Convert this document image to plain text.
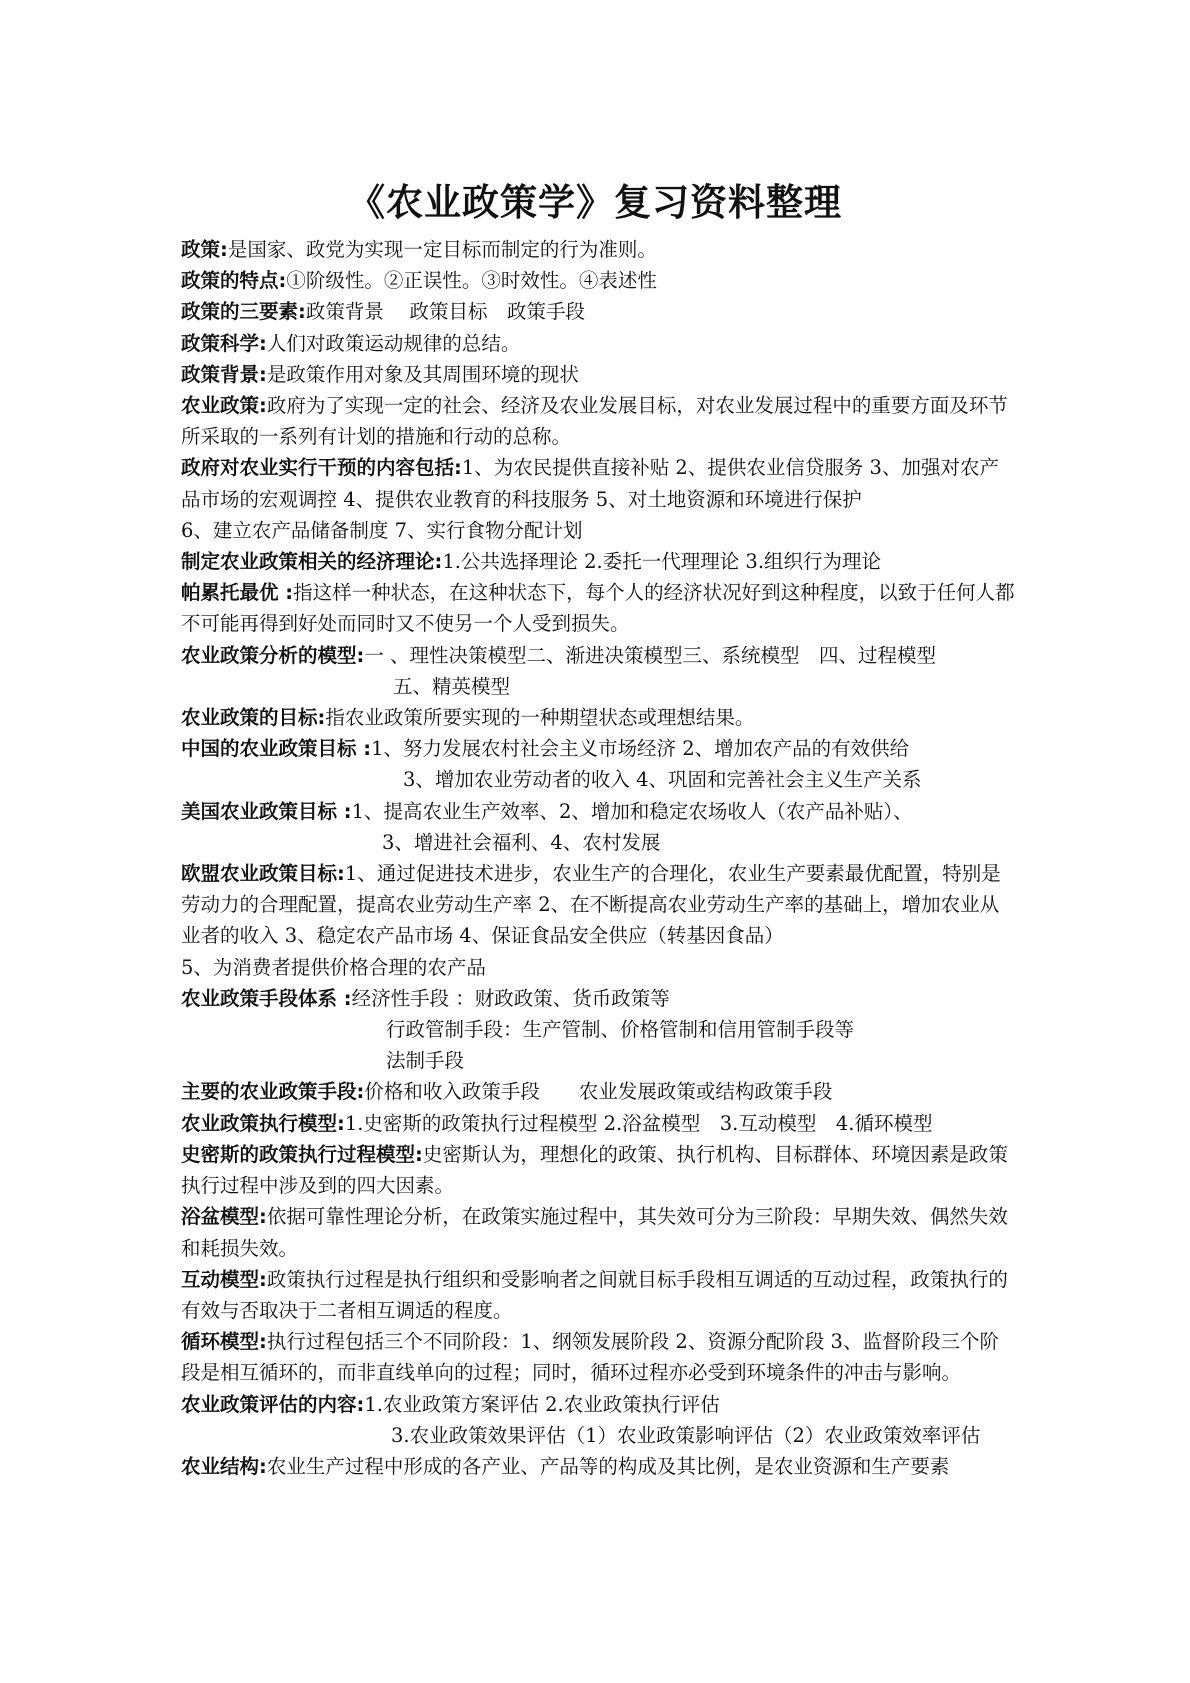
《农业政策学》复习资料整理

政策:是国家、政党为实现一定目标而制定的行为准则。

政策的特点:①阶级性。②正误性。③时效性。④表述性

政策的三要素:政策背景　 政策目标　政策手段

政策科学:人们对政策运动规律的总结。

政策背景:是政策作用对象及其周围环境的现状

农业政策:政府为了实现一定的社会、经济及农业发展目标，对农业发展过程中的重要方面及环节所采取的一系列有计划的措施和行动的总称。

政府对农业实行干预的内容包括:1、为农民提供直接补贴 2、提供农业信贷服务 3、加强对农产品市场的宏观调控 4、提供农业教育的科技服务 5、对土地资源和环境进行保护

6、建立农产品储备制度 7、实行食物分配计划

制定农业政策相关的经济理论:1.公共选择理论 2.委托一代理理论 3.组织行为理论

帕累托最优 :指这样一种状态，在这种状态下，每个人的经济状况好到这种程度，以致于任何人都不可能再得到好处而同时又不使另一个人受到损失。

农业政策分析的模型:一 、理性决策模型二、渐进决策模型三、系统模型　四、过程模型

五、精英模型

农业政策的目标:指农业政策所要实现的一种期望状态或理想结果。

中国的农业政策目标 :1、努力发展农村社会主义市场经济 2、增加农产品的有效供给

3、增加农业劳动者的收入 4、巩固和完善社会主义生产关系

美国农业政策目标 :1、提高农业生产效率、2、增加和稳定农场收人（农产品补贴）、

3、增进社会福利、4、农村发展

欧盟农业政策目标:1、通过促进技术进步，农业生产的合理化，农业生产要素最优配置，特别是劳动力的合理配置，提高农业劳动生产率 2、在不断提高农业劳动生产率的基础上，增加农业从业者的收入 3、稳定农产品市场 4、保证食品安全供应（转基因食品）

5、为消费者提供价格合理的农产品

农业政策手段体系 :经济性手段 ：财政政策、货币政策等

行政管制手段：生产管制、价格管制和信用管制手段等

法制手段

主要的农业政策手段:价格和收入政策手段　　农业发展政策或结构政策手段

农业政策执行模型:1.史密斯的政策执行过程模型 2.浴盆模型　3.互动模型　4.循环模型

史密斯的政策执行过程模型:史密斯认为，理想化的政策、执行机构、目标群体、环境因素是政策执行过程中涉及到的四大因素。

浴盆模型:依据可靠性理论分析，在政策实施过程中，其失效可分为三阶段：早期失效、偶然失效和耗损失效。

互动模型:政策执行过程是执行组织和受影响者之间就目标手段相互调适的互动过程，政策执行的有效与否取决于二者相互调适的程度。

循环模型:执行过程包括三个不同阶段：1、纲领发展阶段 2、资源分配阶段 3、监督阶段三个阶段是相互循环的，而非直线单向的过程；同时，循环过程亦必受到环境条件的冲击与影响。

农业政策评估的内容:1.农业政策方案评估 2.农业政策执行评估

3.农业政策效果评估（1）农业政策影响评估（2）农业政策效率评估

农业结构:农业生产过程中形成的各产业、产品等的构成及其比例，是农业资源和生产要素
